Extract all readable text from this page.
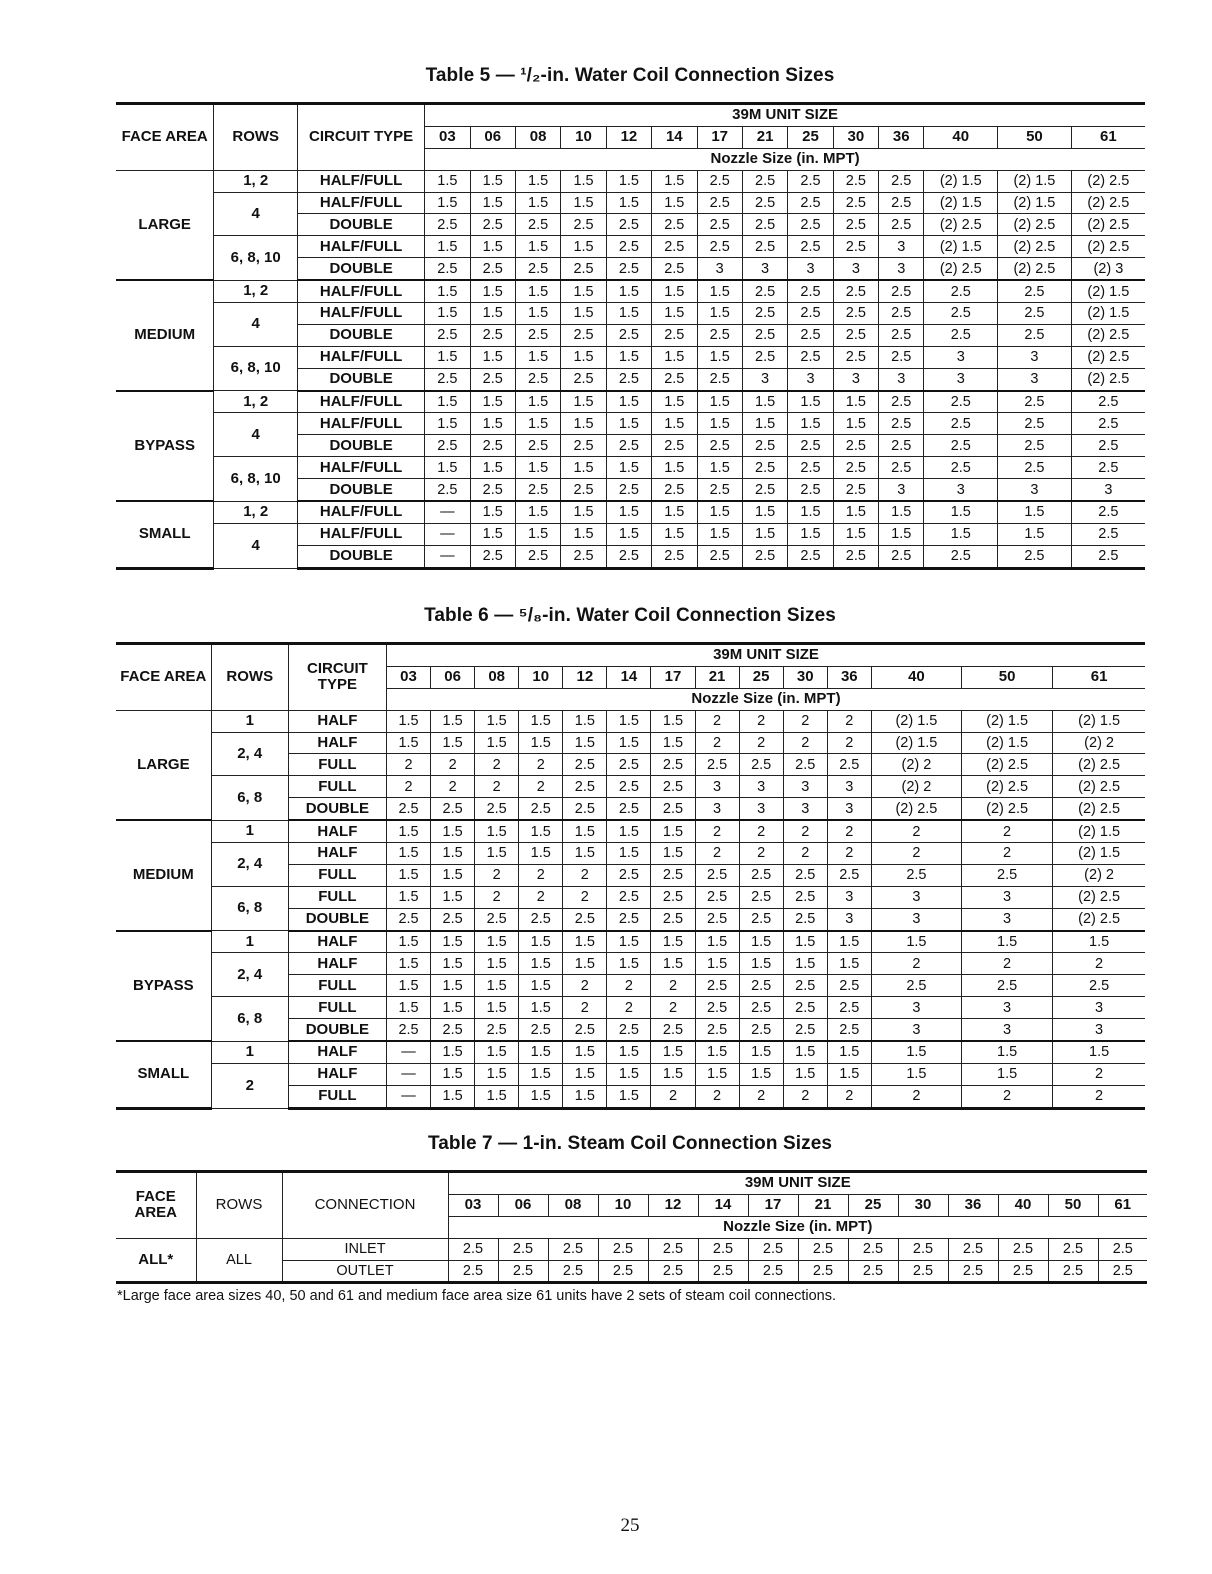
Table 5 — ¹/₂-in. Water Coil Connection Sizes
FACE AREA	ROWS	CIRCUIT TYPE	39M UNIT SIZE													
			03	06	08	10	12	14	17	21	25	30	36	40	50	61
			Nozzle Size (in. MPT)													
LARGE	1, 2	HALF/FULL	1.5	1.5	1.5	1.5	1.5	1.5	2.5	2.5	2.5	2.5	2.5	(2) 1.5	(2) 1.5	(2) 2.5
	4	HALF/FULL	1.5	1.5	1.5	1.5	1.5	1.5	2.5	2.5	2.5	2.5	2.5	(2) 1.5	(2) 1.5	(2) 2.5
		DOUBLE	2.5	2.5	2.5	2.5	2.5	2.5	2.5	2.5	2.5	2.5	2.5	(2) 2.5	(2) 2.5	(2) 2.5
	6, 8, 10	HALF/FULL	1.5	1.5	1.5	1.5	2.5	2.5	2.5	2.5	2.5	2.5	3	(2) 1.5	(2) 2.5	(2) 2.5
		DOUBLE	2.5	2.5	2.5	2.5	2.5	2.5	3	3	3	3	3	(2) 2.5	(2) 2.5	(2) 3
MEDIUM	1, 2	HALF/FULL	1.5	1.5	1.5	1.5	1.5	1.5	1.5	2.5	2.5	2.5	2.5	2.5	2.5	(2) 1.5
	4	HALF/FULL	1.5	1.5	1.5	1.5	1.5	1.5	1.5	2.5	2.5	2.5	2.5	2.5	2.5	(2) 1.5
		DOUBLE	2.5	2.5	2.5	2.5	2.5	2.5	2.5	2.5	2.5	2.5	2.5	2.5	2.5	(2) 2.5
	6, 8, 10	HALF/FULL	1.5	1.5	1.5	1.5	1.5	1.5	1.5	2.5	2.5	2.5	2.5	3	3	(2) 2.5
		DOUBLE	2.5	2.5	2.5	2.5	2.5	2.5	2.5	3	3	3	3	3	3	(2) 2.5
BYPASS	1, 2	HALF/FULL	1.5	1.5	1.5	1.5	1.5	1.5	1.5	1.5	1.5	1.5	2.5	2.5	2.5	2.5
	4	HALF/FULL	1.5	1.5	1.5	1.5	1.5	1.5	1.5	1.5	1.5	1.5	2.5	2.5	2.5	2.5
		DOUBLE	2.5	2.5	2.5	2.5	2.5	2.5	2.5	2.5	2.5	2.5	2.5	2.5	2.5	2.5
	6, 8, 10	HALF/FULL	1.5	1.5	1.5	1.5	1.5	1.5	1.5	2.5	2.5	2.5	2.5	2.5	2.5	2.5
		DOUBLE	2.5	2.5	2.5	2.5	2.5	2.5	2.5	2.5	2.5	2.5	3	3	3	3
SMALL	1, 2	HALF/FULL	—	1.5	1.5	1.5	1.5	1.5	1.5	1.5	1.5	1.5	1.5	1.5	1.5	2.5
	4	HALF/FULL	—	1.5	1.5	1.5	1.5	1.5	1.5	1.5	1.5	1.5	1.5	1.5	1.5	2.5
		DOUBLE	—	2.5	2.5	2.5	2.5	2.5	2.5	2.5	2.5	2.5	2.5	2.5	2.5	2.5
Table 6 — ⁵/₈-in. Water Coil Connection Sizes
FACE AREA	ROWS	CIRCUIT TYPE	39M UNIT SIZE													
			03	06	08	10	12	14	17	21	25	30	36	40	50	61
			Nozzle Size (in. MPT)													
LARGE	1	HALF	1.5	1.5	1.5	1.5	1.5	1.5	1.5	2	2	2	2	(2) 1.5	(2) 1.5	(2) 1.5
	2, 4	HALF	1.5	1.5	1.5	1.5	1.5	1.5	1.5	2	2	2	2	(2) 1.5	(2) 1.5	(2) 2
		FULL	2	2	2	2	2.5	2.5	2.5	2.5	2.5	2.5	2.5	(2) 2	(2) 2.5	(2) 2.5
	6, 8	FULL	2	2	2	2	2.5	2.5	2.5	3	3	3	3	(2) 2	(2) 2.5	(2) 2.5
		DOUBLE	2.5	2.5	2.5	2.5	2.5	2.5	2.5	3	3	3	3	(2) 2.5	(2) 2.5	(2) 2.5
MEDIUM	1	HALF	1.5	1.5	1.5	1.5	1.5	1.5	1.5	2	2	2	2	2	2	(2) 1.5
	2, 4	HALF	1.5	1.5	1.5	1.5	1.5	1.5	1.5	2	2	2	2	2	2	(2) 1.5
		FULL	1.5	1.5	2	2	2	2.5	2.5	2.5	2.5	2.5	2.5	2.5	2.5	(2) 2
	6, 8	FULL	1.5	1.5	2	2	2	2.5	2.5	2.5	2.5	2.5	3	3	3	(2) 2.5
		DOUBLE	2.5	2.5	2.5	2.5	2.5	2.5	2.5	2.5	2.5	2.5	3	3	3	(2) 2.5
BYPASS	1	HALF	1.5	1.5	1.5	1.5	1.5	1.5	1.5	1.5	1.5	1.5	1.5	1.5	1.5	1.5
	2, 4	HALF	1.5	1.5	1.5	1.5	1.5	1.5	1.5	1.5	1.5	1.5	1.5	2	2	2
		FULL	1.5	1.5	1.5	1.5	2	2	2	2.5	2.5	2.5	2.5	2.5	2.5	2.5
	6, 8	FULL	1.5	1.5	1.5	1.5	2	2	2	2.5	2.5	2.5	2.5	3	3	3
		DOUBLE	2.5	2.5	2.5	2.5	2.5	2.5	2.5	2.5	2.5	2.5	2.5	3	3	3
SMALL	1	HALF	—	1.5	1.5	1.5	1.5	1.5	1.5	1.5	1.5	1.5	1.5	1.5	1.5	1.5
	2	HALF	—	1.5	1.5	1.5	1.5	1.5	1.5	1.5	1.5	1.5	1.5	1.5	1.5	2
		FULL	—	1.5	1.5	1.5	1.5	1.5	2	2	2	2	2	2	2	2
Table 7 — 1-in. Steam Coil Connection Sizes
FACE AREA	ROWS	CONNECTION	39M UNIT SIZE													
			03	06	08	10	12	14	17	21	25	30	36	40	50	61
			Nozzle Size (in. MPT)													
ALL*	ALL	INLET	2.5	2.5	2.5	2.5	2.5	2.5	2.5	2.5	2.5	2.5	2.5	2.5	2.5	2.5
		OUTLET	2.5	2.5	2.5	2.5	2.5	2.5	2.5	2.5	2.5	2.5	2.5	2.5	2.5	2.5
*Large face area sizes 40, 50 and 61 and medium face area size 61 units have 2 sets of steam coil connections.
25
